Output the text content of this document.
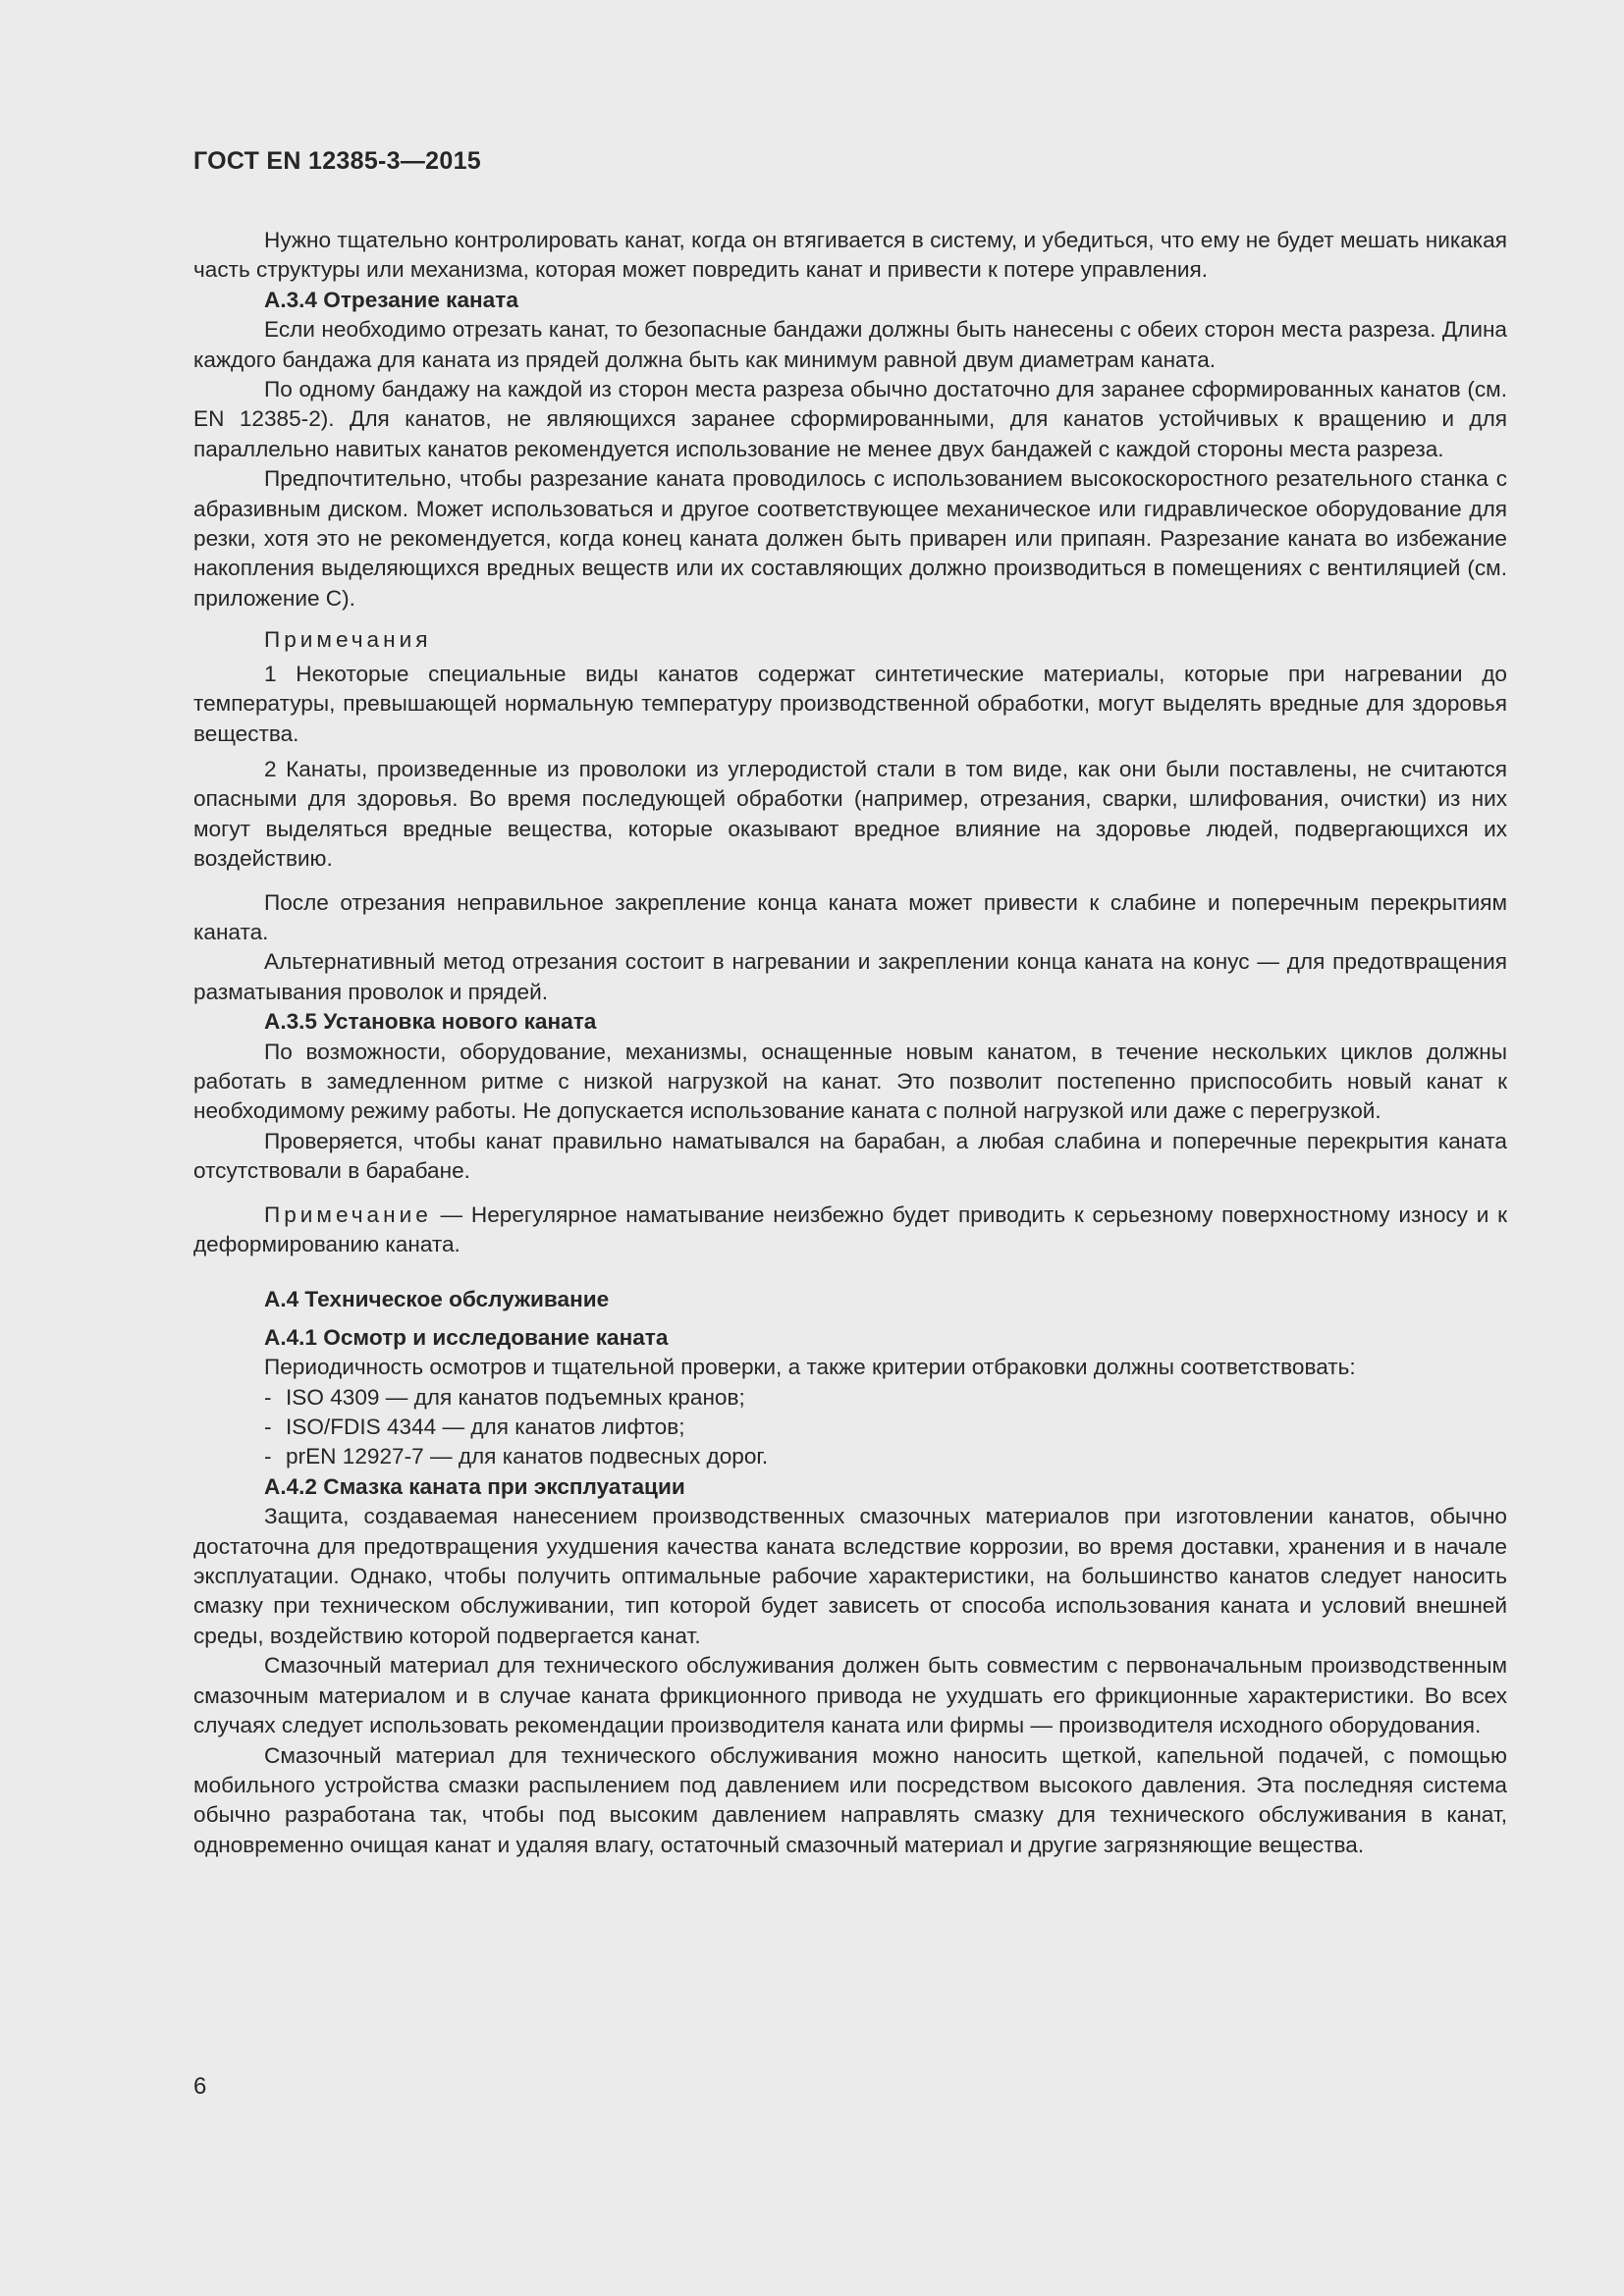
ГОСТ EN 12385-3—2015

Нужно тщательно контролировать канат, когда он втягивается в систему, и убедиться, что ему не будет мешать никакая часть структуры или механизма, которая может повредить канат и привести к потере управления.

А.3.4 Отрезание каната

Если необходимо отрезать канат, то безопасные бандажи должны быть нанесены с обеих сторон места разреза. Длина каждого бандажа для каната из прядей должна быть как минимум равной двум диаметрам каната.

По одному бандажу на каждой из сторон места разреза обычно достаточно для заранее сформированных канатов (см. EN 12385-2). Для канатов, не являющихся заранее сформированными, для канатов устойчивых к вращению и для параллельно навитых канатов рекомендуется использование не менее двух бандажей с каждой стороны места разреза.

Предпочтительно, чтобы разрезание каната проводилось с использованием высокоскоростного резательного станка с абразивным диском. Может использоваться и другое соответствующее механическое или гидравлическое оборудование для резки, хотя это не рекомендуется, когда конец каната должен быть приварен или припаян. Разрезание каната во избежание накопления выделяющихся вредных веществ или их составляющих должно производиться в помещениях с вентиляцией (см. приложение С).

Примечания

1 Некоторые специальные виды канатов содержат синтетические материалы, которые при нагревании до температуры, превышающей нормальную температуру производственной обработки, могут выделять вредные для здоровья вещества.

2 Канаты, произведенные из проволоки из углеродистой стали в том виде, как они были поставлены, не считаются опасными для здоровья. Во время последующей обработки (например, отрезания, сварки, шлифования, очистки) из них могут выделяться вредные вещества, которые оказывают вредное влияние на здоровье людей, подвергающихся их воздействию.

После отрезания неправильное закрепление конца каната может привести к слабине и поперечным перекрытиям каната.

Альтернативный метод отрезания состоит в нагревании и закреплении конца каната на конус — для предотвращения разматывания проволок и прядей.

А.3.5 Установка нового каната

По возможности, оборудование, механизмы, оснащенные новым канатом, в течение нескольких циклов должны работать в замедленном ритме с низкой нагрузкой на канат. Это позволит постепенно приспособить новый канат к необходимому режиму работы. Не допускается использование каната с полной нагрузкой или даже с перегрузкой.

Проверяется, чтобы канат правильно наматывался на барабан, а любая слабина и поперечные перекрытия каната отсутствовали в барабане.

Примечание — Нерегулярное наматывание неизбежно будет приводить к серьезному поверхностному износу и к деформированию каната.

А.4 Техническое обслуживание

А.4.1 Осмотр и исследование каната

Периодичность осмотров и тщательной проверки, а также критерии отбраковки должны соответствовать:

- ISO 4309 — для канатов подъемных кранов;
- ISO/FDIS 4344 — для канатов лифтов;
- prEN 12927-7 — для канатов подвесных дорог.

А.4.2 Смазка каната при эксплуатации

Защита, создаваемая нанесением производственных смазочных материалов при изготовлении канатов, обычно достаточна для предотвращения ухудшения качества каната вследствие коррозии, во время доставки, хранения и в начале эксплуатации. Однако, чтобы получить оптимальные рабочие характеристики, на большинство канатов следует наносить смазку при техническом обслуживании, тип которой будет зависеть от способа использования каната и условий внешней среды, воздействию которой подвергается канат.

Смазочный материал для технического обслуживания должен быть совместим с первоначальным производственным смазочным материалом и в случае каната фрикционного привода не ухудшать его фрикционные характеристики. Во всех случаях следует использовать рекомендации производителя каната или фирмы — производителя исходного оборудования.

Смазочный материал для технического обслуживания можно наносить щеткой, капельной подачей, с помощью мобильного устройства смазки распылением под давлением или посредством высокого давления. Эта последняя система обычно разработана так, чтобы под высоким давлением направлять смазку для технического обслуживания в канат, одновременно очищая канат и удаляя влагу, остаточный смазочный материал и другие загрязняющие вещества.

6
